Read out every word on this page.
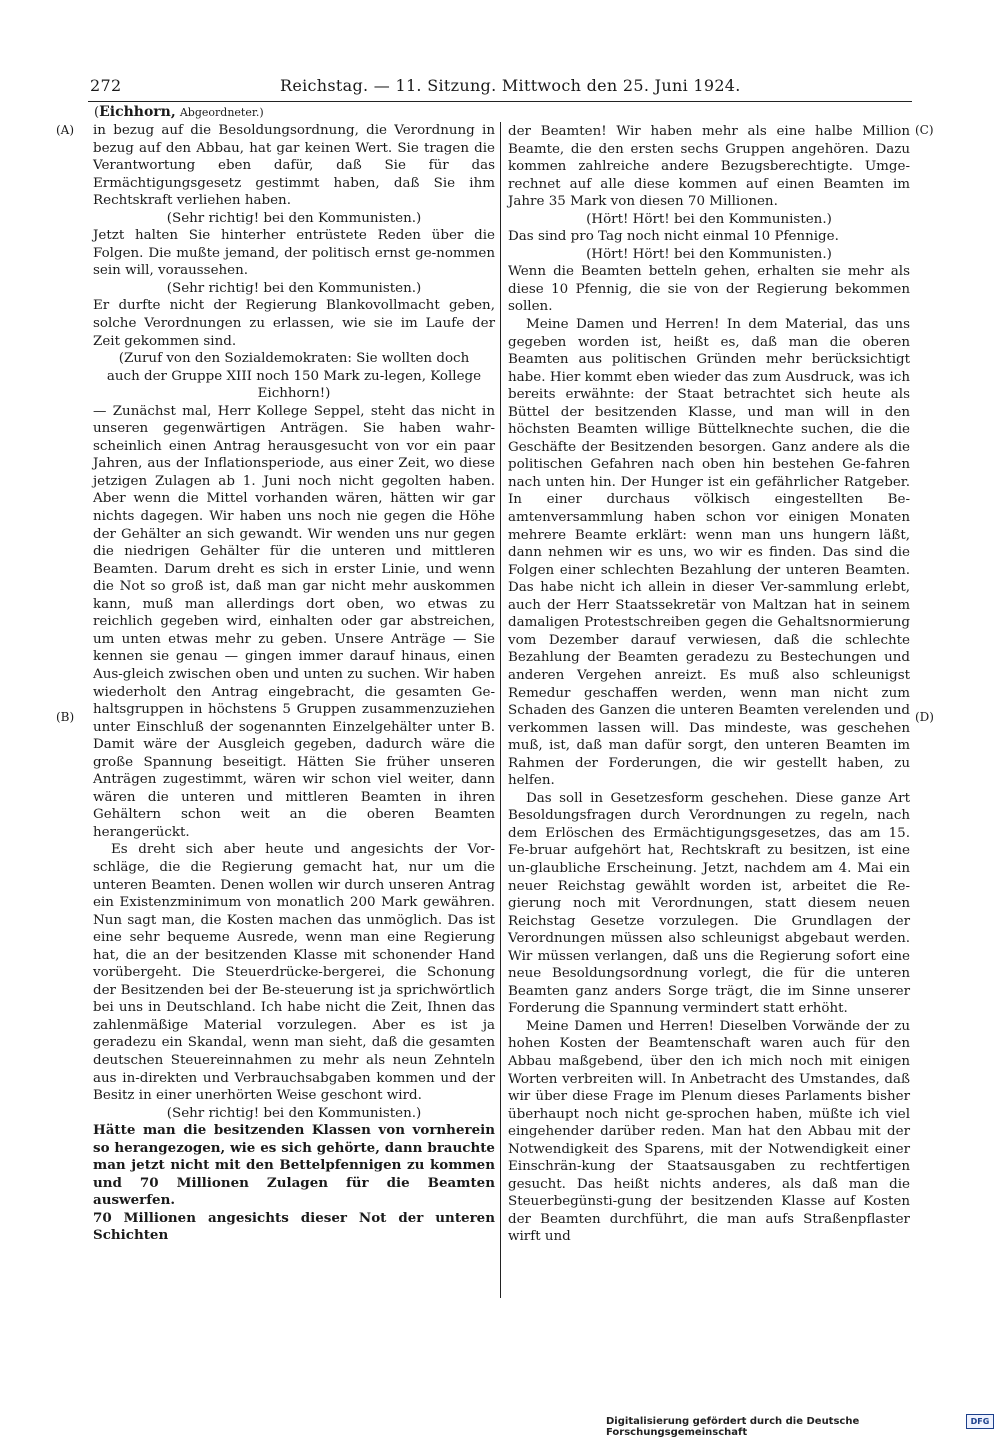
272	Reichstag. — 11. Sitzung. Mittwoch den 25. Juni 1924.
(Eichhorn, Abgeordneter.)
(A)
(B)
(C)
(D)

in bezug auf die Besoldungsordnung, die Verordnung in bezug auf den Abbau, hat gar keinen Wert. Sie tragen die Verantwortung eben dafür, daß Sie für das Ermächtigungsgesetz gestimmt haben, daß Sie ihm Rechtskraft verliehen haben.

(Sehr richtig! bei den Kommunisten.)

Jetzt halten Sie hinterher entrüstete Reden über die Folgen. Die mußte jemand, der politisch ernst ge-nommen sein will, voraussehen.

(Sehr richtig! bei den Kommunisten.)

Er durfte nicht der Regierung Blankovollmacht geben, solche Verordnungen zu erlassen, wie sie im Laufe der Zeit gekommen sind.

(Zuruf von den Sozialdemokraten: Sie wollten doch auch der Gruppe XIII noch 150 Mark zu-legen, Kollege Eichhorn!)

— Zunächst mal, Herr Kollege Seppel, steht das nicht in unseren gegenwärtigen Anträgen. Sie haben wahr-scheinlich einen Antrag herausgesucht von vor ein paar Jahren, aus der Inflationsperiode, aus einer Zeit, wo diese jetzigen Zulagen ab 1. Juni noch nicht gegolten haben. Aber wenn die Mittel vorhanden wären, hätten wir gar nichts dagegen. Wir haben uns noch nie gegen die Höhe der Gehälter an sich gewandt. Wir wenden uns nur gegen die niedrigen Gehälter für die unteren und mittleren Beamten. Darum dreht es sich in erster Linie, und wenn die Not so groß ist, daß man gar nicht mehr auskommen kann, muß man allerdings dort oben, wo etwas zu reichlich gegeben wird, einhalten oder gar abstreichen, um unten etwas mehr zu geben. Unsere Anträge — Sie kennen sie genau — gingen immer darauf hinaus, einen Aus-gleich zwischen oben und unten zu suchen. Wir haben wiederholt den Antrag eingebracht, die gesamten Ge-haltsgruppen in höchstens 5 Gruppen zusammenzuziehen unter Einschluß der sogenannten Einzelgehälter unter B. Damit wäre der Ausgleich gegeben, dadurch wäre die große Spannung beseitigt. Hätten Sie früher unseren Anträgen zugestimmt, wären wir schon viel weiter, dann wären die unteren und mittleren Beamten in ihren Gehältern schon weit an die oberen Beamten herangerückt.

Es dreht sich aber heute und angesichts der Vor-schläge, die die Regierung gemacht hat, nur um die unteren Beamten. Denen wollen wir durch unseren Antrag ein Existenzminimum von monatlich 200 Mark gewähren. Nun sagt man, die Kosten machen das unmöglich. Das ist eine sehr bequeme Ausrede, wenn man eine Regierung hat, die an der besitzenden Klasse mit schonender Hand vorübergeht. Die Steuerdrücke-bergerei, die Schonung der Besitzenden bei der Be-steuerung ist ja sprichwörtlich bei uns in Deutschland. Ich habe nicht die Zeit, Ihnen das zahlenmäßige Material vorzulegen. Aber es ist ja geradezu ein Skandal, wenn man sieht, daß die gesamten deutschen Steuereinnahmen zu mehr als neun Zehnteln aus in-direkten und Verbrauchsabgaben kommen und der Besitz in einer unerhörten Weise geschont wird.

(Sehr richtig! bei den Kommunisten.)

Hätte man die besitzenden Klassen von vornherein so herangezogen, wie es sich gehörte, dann brauchte man jetzt nicht mit den Bettelpfennigen zu kommen und 70 Millionen Zulagen für die Beamten auswerfen.

70 Millionen angesichts dieser Not der unteren Schichten

der Beamten! Wir haben mehr als eine halbe Million Beamte, die den ersten sechs Gruppen angehören. Dazu kommen zahlreiche andere Bezugsberechtigte. Umge-rechnet auf alle diese kommen auf einen Beamten im Jahre 35 Mark von diesen 70 Millionen.

(Hört! Hört! bei den Kommunisten.)

Das sind pro Tag noch nicht einmal 10 Pfennige.

(Hört! Hört! bei den Kommunisten.)

Wenn die Beamten betteln gehen, erhalten sie mehr als diese 10 Pfennig, die sie von der Regierung bekommen sollen.

Meine Damen und Herren! In dem Material, das uns gegeben worden ist, heißt es, daß man die oberen Beamten aus politischen Gründen mehr berücksichtigt habe. Hier kommt eben wieder das zum Ausdruck, was ich bereits erwähnte: der Staat betrachtet sich heute als Büttel der besitzenden Klasse, und man will in den höchsten Beamten willige Büttelknechte suchen, die die Geschäfte der Besitzenden besorgen. Ganz andere als die politischen Gefahren nach oben hin bestehen Ge-fahren nach unten hin. Der Hunger ist ein gefährlicher Ratgeber. In einer durchaus völkisch eingestellten Be-amtenversammlung haben schon vor einigen Monaten mehrere Beamte erklärt: wenn man uns hungern läßt, dann nehmen wir es uns, wo wir es finden. Das sind die Folgen einer schlechten Bezahlung der unteren Beamten. Das habe nicht ich allein in dieser Ver-sammlung erlebt, auch der Herr Staatssekretär von Maltzan hat in seinem damaligen Protestschreiben gegen die Gehaltsnormierung vom Dezember darauf verwiesen, daß die schlechte Bezahlung der Beamten geradezu zu Bestechungen und anderen Vergehen anreizt. Es muß also schleunigst Remedur geschaffen werden, wenn man nicht zum Schaden des Ganzen die unteren Beamten verelenden und verkommen lassen will. Das mindeste, was geschehen muß, ist, daß man dafür sorgt, den unteren Beamten im Rahmen der Forderungen, die wir gestellt haben, zu helfen.

Das soll in Gesetzesform geschehen. Diese ganze Art Besoldungsfragen durch Verordnungen zu regeln, nach dem Erlöschen des Ermächtigungsgesetzes, das am 15. Fe-bruar aufgehört hat, Rechtskraft zu besitzen, ist eine un-glaubliche Erscheinung. Jetzt, nachdem am 4. Mai ein neuer Reichstag gewählt worden ist, arbeitet die Re-gierung noch mit Verordnungen, statt diesem neuen Reichstag Gesetze vorzulegen. Die Grundlagen der Verordnungen müssen also schleunigst abgebaut werden. Wir müssen verlangen, daß uns die Regierung sofort eine neue Besoldungsordnung vorlegt, die für die unteren Beamten ganz anders Sorge trägt, die im Sinne unserer Forderung die Spannung vermindert statt erhöht.

Meine Damen und Herren! Dieselben Vorwände der zu hohen Kosten der Beamtenschaft waren auch für den Abbau maßgebend, über den ich mich noch mit einigen Worten verbreiten will. In Anbetracht des Umstandes, daß wir über diese Frage im Plenum dieses Parlaments bisher überhaupt noch nicht ge-sprochen haben, müßte ich viel eingehender darüber reden. Man hat den Abbau mit der Notwendigkeit des Sparens, mit der Notwendigkeit einer Einschrän-kung der Staatsausgaben zu rechtfertigen gesucht. Das heißt nichts anderes, als daß man die Steuerbegünsti-gung der besitzenden Klasse auf Kosten der Beamten durchführt, die man aufs Straßenpflaster wirft und

Digitalisierung gefördert durch die Deutsche Forschungsgemeinschaft
DFG
